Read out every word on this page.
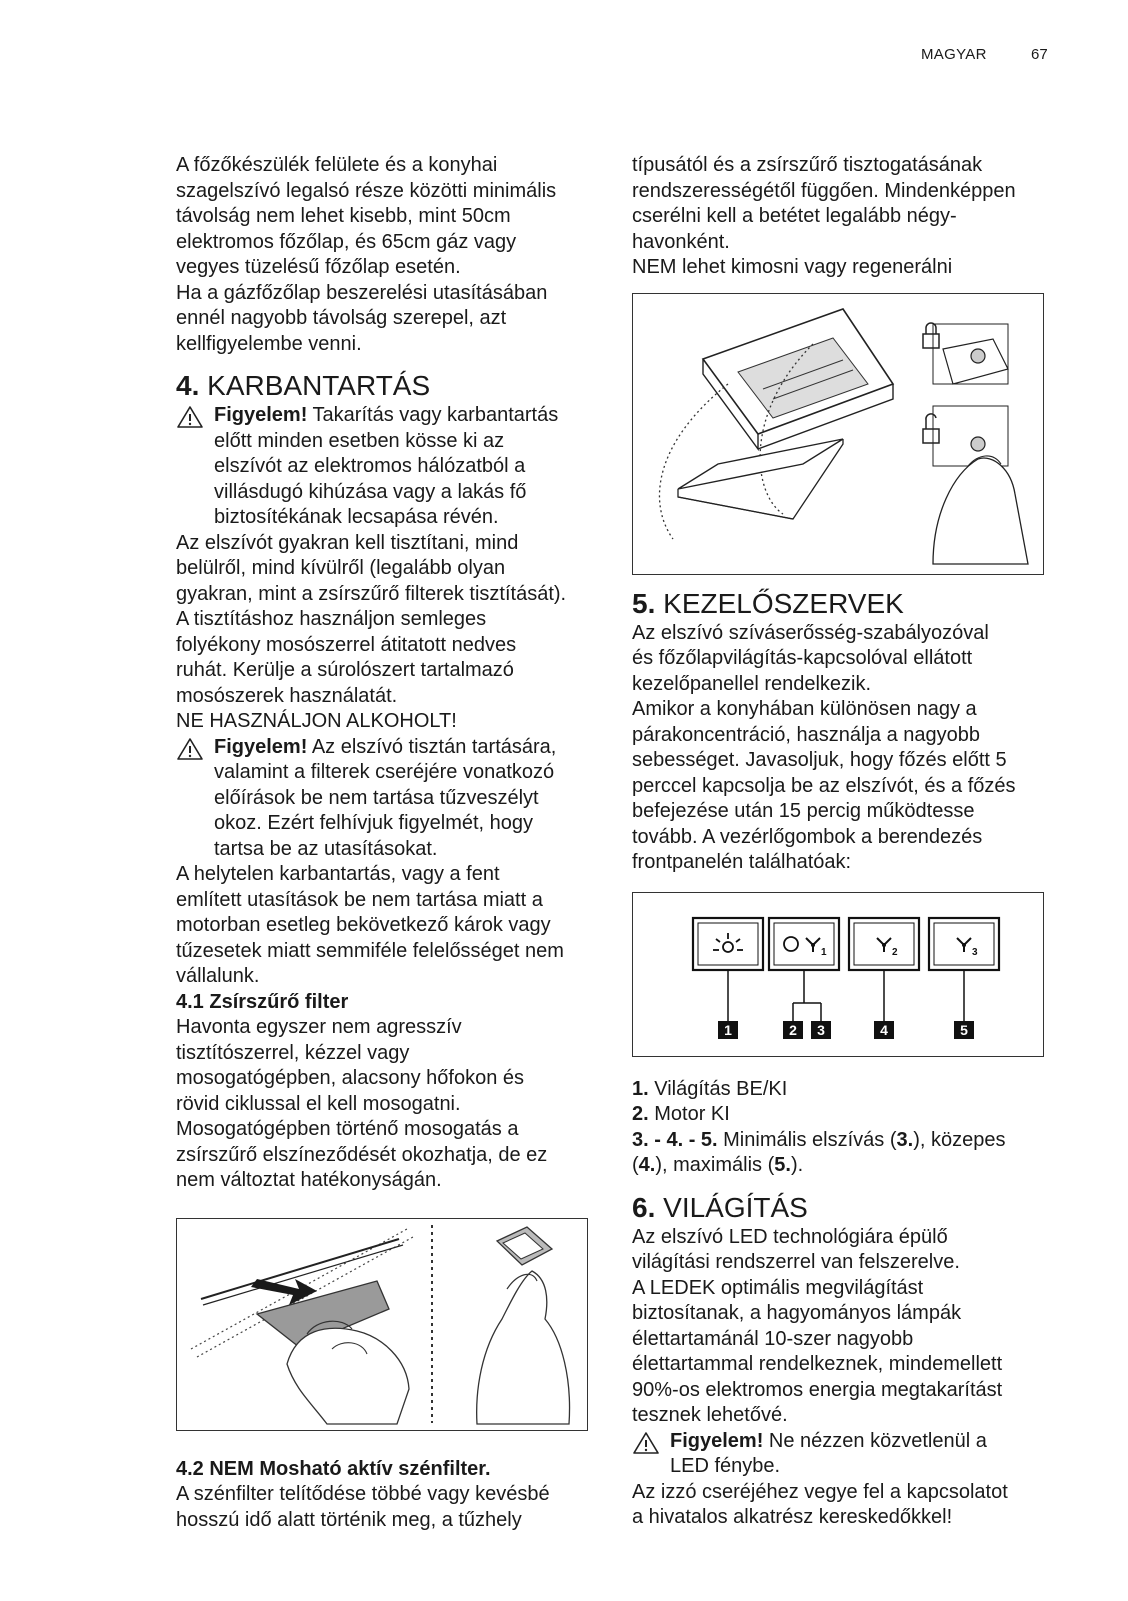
MAGYAR	67

A főzőkészülék felülete és a konyhai

szagelszívó legalsó része közötti minimális

távolság nem lehet kisebb, mint 50cm

elektromos főzőlap, és 65cm gáz vagy

vegyes tüzelésű főzőlap esetén.

Ha a gázfőzőlap beszerelési utasításában

ennél nagyobb távolság szerepel, azt

kellfigyelembe venni.

4. KARBANTARTÁS

Figyelem! Takarítás vagy karbantartás

előtt minden esetben kösse ki az

elszívót az elektromos hálózatból a

villásdugó kihúzása vagy a lakás fő

biztosítékának lecsapása révén.

Az elszívót gyakran kell tisztítani, mind

belülről, mind kívülről (legalább olyan

gyakran, mint a zsírszűrő filterek tisztítását).

A tisztításhoz használjon semleges

folyékony mosószerrel átitatott nedves

ruhát. Kerülje a súrolószert tartalmazó

mosószerek használatát.

NE HASZNÁLJON ALKOHOLT!

Figyelem! Az elszívó tisztán tartására,

valamint a filterek cseréjére vonatkozó

előírások be nem tartása tűzveszélyt

okoz. Ezért felhívjuk figyelmét, hogy

tartsa be az utasításokat.

A helytelen karbantartás, vagy a fent

említett utasítások be nem tartása miatt a

motorban esetleg bekövetkező károk vagy

tűzesetek miatt semmiféle felelősséget nem

vállalunk.

4.1 Zsírszűrő filter

Havonta egyszer nem agresszív

tisztítószerrel, kézzel vagy

mosogatógépben, alacsony hőfokon és

rövid ciklussal el kell mosogatni.

Mosogatógépben történő mosogatás a

zsírszűrő elszíneződését okozhatja, de ez

nem változtat hatékonyságán.

4.2 NEM Mosható aktív szénfilter.

A szénfilter telítődése többé vagy kevésbé

hosszú idő alatt történik meg, a tűzhely

típusától és a zsírszűrő tisztogatásának

rendszerességétől függően. Mindenképpen

cserélni kell a betétet legalább négy-

havonként.

NEM lehet kimosni vagy regenerálni

5. KEZELŐSZERVEK

Az elszívó szíváserősség-szabályozóval

és főzőlapvilágítás-kapcsolóval ellátott

kezelőpanellel rendelkezik.

Amikor a konyhában különösen nagy a

párakoncentráció, használja a nagyobb

sebességet. Javasoljuk, hogy főzés előtt 5

perccel kapcsolja be az elszívót, és a főzés

befejezése után 15 percig működtesse

tovább. A vezérlőgombok a berendezés

frontpanelén találhatóak:

1	2	3
1	2 3	4	5

1. Világítás BE/KI

2. Motor KI

3. - 4. - 5. Minimális elszívás (3.), közepes

(4.), maximális (5.).

6. VILÁGÍTÁS

Az elszívó LED technológiára épülő

világítási rendszerrel van felszerelve.

A LEDEK optimális megvilágítást

biztosítanak, a hagyományos lámpák

élettartamánál 10-szer nagyobb

élettartammal rendelkeznek, mindemellett

90%-os elektromos energia megtakarítást

tesznek lehetővé.

Figyelem! Ne nézzen közvetlenül a

LED fénybe.

Az izzó cseréjéhez vegye fel a kapcsolatot

a hivatalos alkatrész kereskedőkkel!
